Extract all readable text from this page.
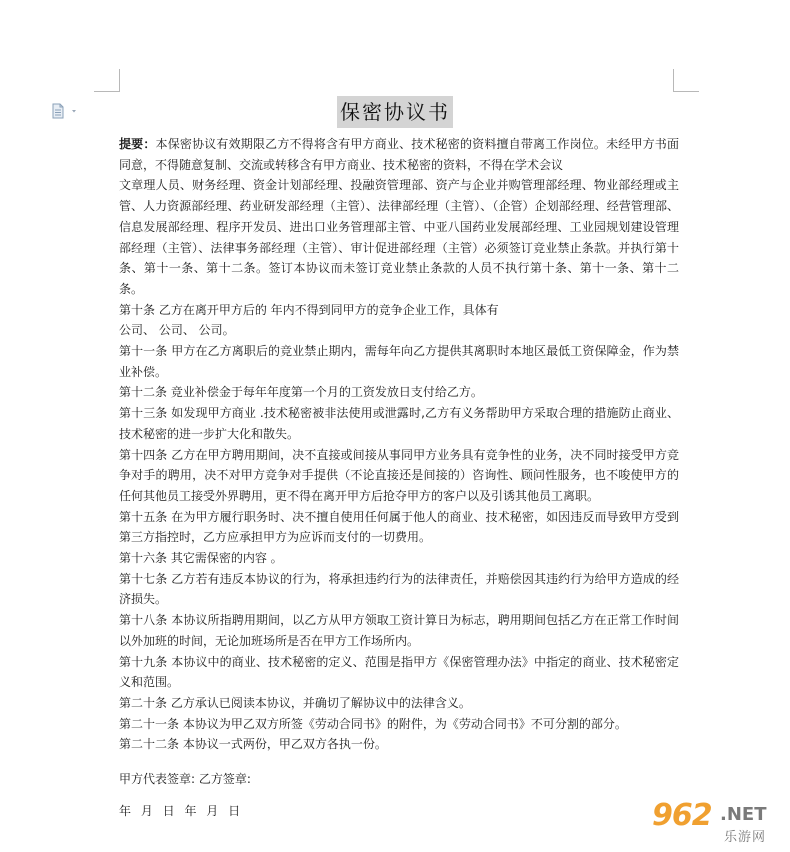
保密协议书

提要：本保密协议有效期限乙方不得将含有甲方商业、技术秘密的资料擅自带离工作岗位。未经甲方书面同意，不得随意复制、交流或转移含有甲方商业、技术秘密的资料，不得在学术会议

文章理人员、财务经理、资金计划部经理、投融资管理部、资产与企业并购管理部经理、物业部经理或主管、人力资源部经理、药业研发部经理（主管）、法律部经理（主管）、（企管）企划部经理、经营管理部、信息发展部经理、程序开发员、进出口业务管理部主管、中亚八国药业发展部经理、工业园规划建设管理部经理（主管）、法律事务部经理（主管）、审计促进部经理（主管）必须签订竞业禁止条款。并执行第十条、第十一条、第十二条。签订本协议而未签订竞业禁止条款的人员不执行第十条、第十一条、第十二条。

第十条 乙方在离开甲方后的 年内不得到同甲方的竞争企业工作，具体有

公司、 公司、 公司。

第十一条 甲方在乙方离职后的竞业禁止期内，需每年向乙方提供其离职时本地区最低工资保障金，作为禁业补偿。

第十二条 竞业补偿金于每年年度第一个月的工资发放日支付给乙方。

第十三条 如发现甲方商业 .技术秘密被非法使用或泄露时,乙方有义务帮助甲方采取合理的措施防止商业、技术秘密的进一步扩大化和散失。

第十四条 乙方在甲方聘用期间，决不直接或间接从事同甲方业务具有竞争性的业务，决不同时接受甲方竞争对手的聘用，决不对甲方竞争对手提供（不论直接还是间接的）咨询性、顾问性服务，也不唆使甲方的任何其他员工接受外界聘用，更不得在离开甲方后抢夺甲方的客户以及引诱其他员工离职。

第十五条 在为甲方履行职务时、决不擅自使用任何属于他人的商业、技术秘密，如因违反而导致甲方受到第三方指控时，乙方应承担甲方为应诉而支付的一切费用。

第十六条 其它需保密的内容 。

第十七条 乙方若有违反本协议的行为，将承担违约行为的法律责任，并赔偿因其违约行为给甲方造成的经济损失。

第十八条 本协议所指聘用期间，以乙方从甲方领取工资计算日为标志，聘用期间包括乙方在正常工作时间以外加班的时间，无论加班场所是否在甲方工作场所内。

第十九条 本协议中的商业、技术秘密的定义、范围是指甲方《保密管理办法》中指定的商业、技术秘密定义和范围。

第二十条 乙方承认已阅读本协议，并确切了解协议中的法律含义。

第二十一条 本协议为甲乙双方所签《劳动合同书》的附件，为《劳动合同书》不可分割的部分。

第二十二条 本协议一式两份，甲乙双方各执一份。

甲方代表签章: 乙方签章:
年 月 日 年 月 日	962 .NET
乐游网
